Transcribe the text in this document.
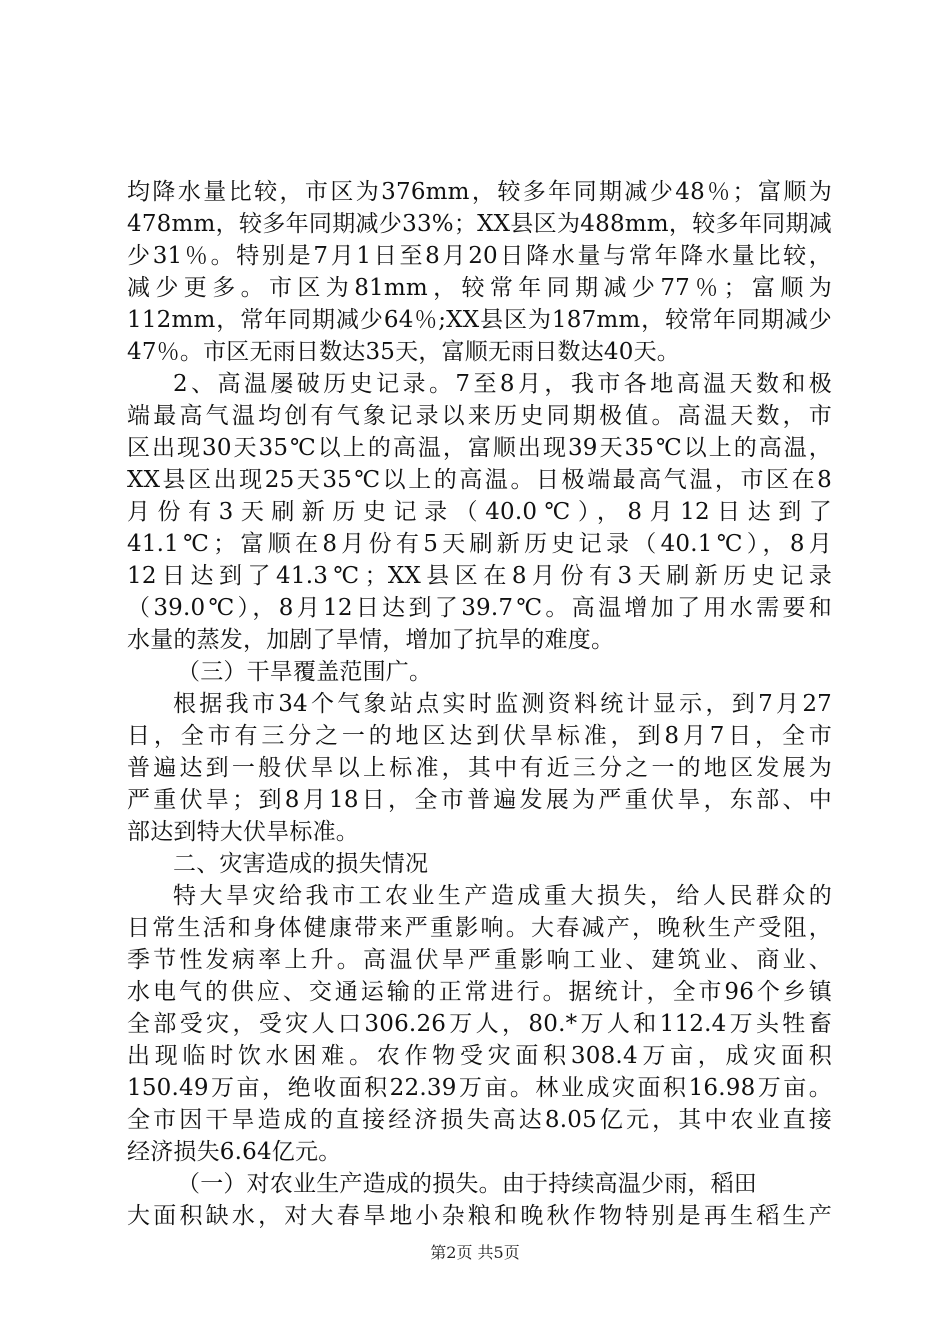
均降水量比较，市区为376mm，较多年同期减少48％；富顺为
478mm，较多年同期减少33%；XX县区为488mm，较多年同期减
少31％。特别是7月1日至8月20日降水量与常年降水量比较，
减少更多。市区为81mm，较常年同期减少77％；富顺为
112mm，常年同期减少64％;XX县区为187mm，较常年同期减少
47％。市区无雨日数达35天，富顺无雨日数达40天。
2、高温屡破历史记录。7至8月，我市各地高温天数和极
端最高气温均创有气象记录以来历史同期极值。高温天数，市
区出现30天35℃以上的高温，富顺出现39天35℃以上的高温，
XX县区出现25天35℃以上的高温。日极端最高气温，市区在8
月份有3天刷新历史记录（40.0℃），8月12日达到了
41.1℃；富顺在8月份有5天刷新历史记录（40.1℃），8月
12日达到了41.3℃；XX县区在8月份有3天刷新历史记录
（39.0℃），8月12日达到了39.7℃。高温增加了用水需要和
水量的蒸发，加剧了旱情，增加了抗旱的难度。
（三）干旱覆盖范围广。
根据我市34个气象站点实时监测资料统计显示，到7月27
日，全市有三分之一的地区达到伏旱标准，到8月7日，全市
普遍达到一般伏旱以上标准，其中有近三分之一的地区发展为
严重伏旱；到8月18日，全市普遍发展为严重伏旱，东部、中
部达到特大伏旱标准。
二、灾害造成的损失情况
特大旱灾给我市工农业生产造成重大损失，给人民群众的
日常生活和身体健康带来严重影响。大春减产，晚秋生产受阻，
季节性发病率上升。高温伏旱严重影响工业、建筑业、商业、
水电气的供应、交通运输的正常进行。据统计，全市96个乡镇
全部受灾，受灾人口306.26万人，80.*万人和112.4万头牲畜
出现临时饮水困难。农作物受灾面积308.4万亩，成灾面积
150.49万亩，绝收面积22.39万亩。林业成灾面积16.98万亩。
全市因干旱造成的直接经济损失高达8.05亿元，其中农业直接
经济损失6.64亿元。
（一）对农业生产造成的损失。由于持续高温少雨，稻田
大面积缺水，对大春旱地小杂粮和晚秋作物特别是再生稻生产
第2页 共5页
